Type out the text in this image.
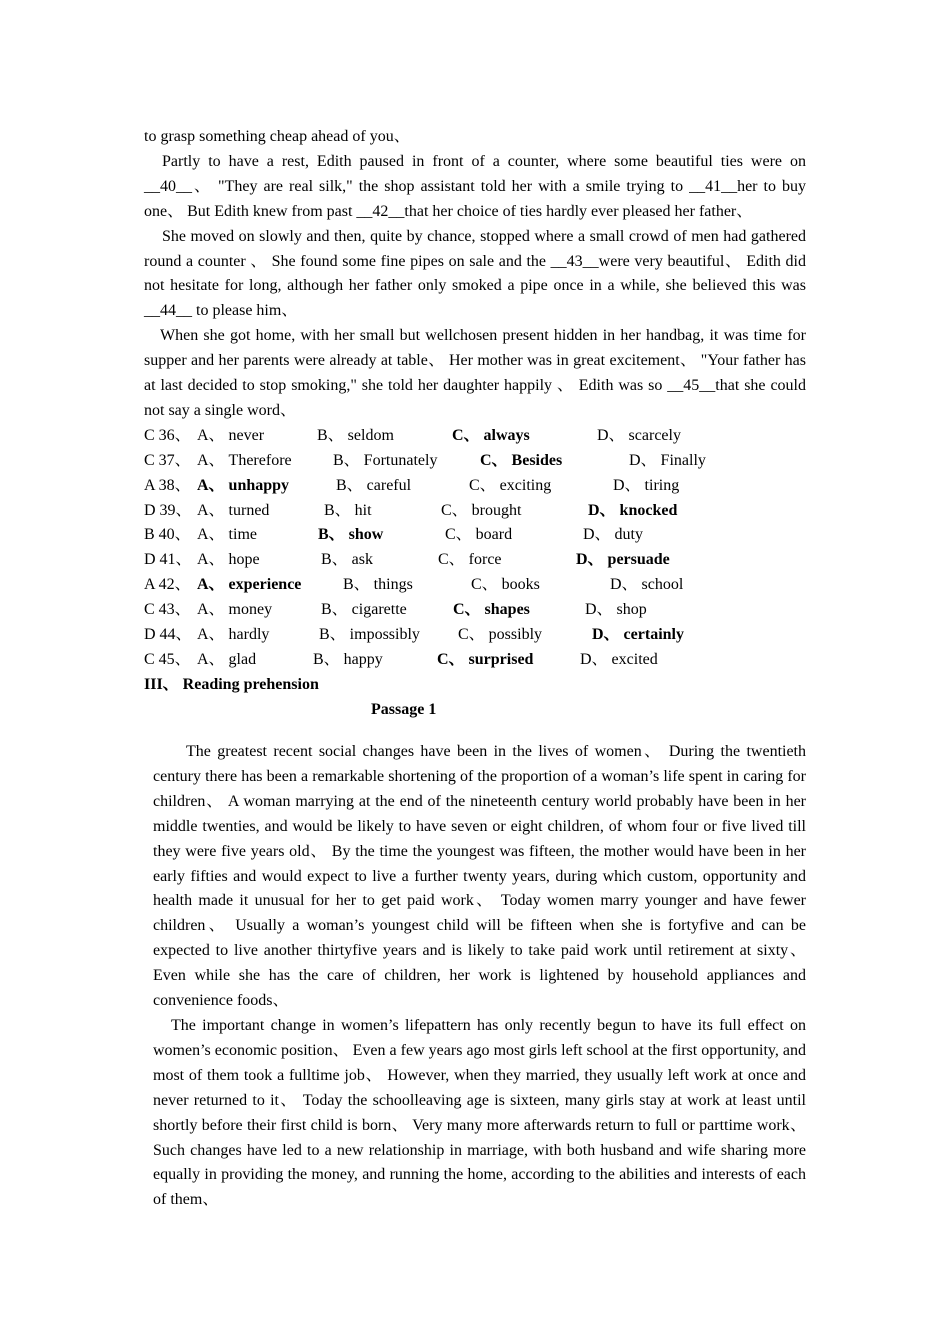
to grasp something cheap ahead of you、

Partly to have a rest, Edith paused in front of a counter, where some beautiful ties were on __40__、 "They are real silk," the shop assistant told her with a smile trying to __41__her to buy one、 But Edith knew from past __42__that her choice of ties hardly ever pleased her father、

She moved on slowly and then, quite by chance, stopped where a small crowd of men had gathered round a counter 、 She found some fine pipes on sale and the __43__were very beautiful、 Edith did not hesitate for long, although her father only smoked a pipe once in a while, she believed this was __44__ to please him、

When she got home, with her small but wellchosen present hidden in her handbag, it was time for supper and her parents were already at table、 Her mother was in great excitement、 "Your father has at last decided to stop smoking," she told her daughter happily 、 Edith was so __45__that she could not say a single word、

C 36、 A、 never	B、 seldom	C、 always	D、 scarcely
C 37、 A、 Therefore	B、 Fortunately	C、 Besides	D、 Finally
A 38、 A、 unhappy	B、 careful	C、 exciting	D、 tiring
D 39、 A、 turned	B、 hit	C、 brought	D、 knocked
B 40、 A、 time	B、 show	C、 board	D、 duty
D 41、 A、 hope	B、 ask	C、 force	D、 persuade
A 42、 A、 experience	B、 things	C、 books	D、 school
C 43、 A、 money	B、 cigarette	C、 shapes	D、 shop
D 44、 A、 hardly	B、 impossibly	C、 possibly	D、 certainly
C 45、 A、 glad	B、 happy	C、 surprised	D、 excited
III、 Reading prehension
Passage 1

The greatest recent social changes have been in the lives of women、 During the twentieth century there has been a remarkable shortening of the proportion of a woman’s life spent in caring for children、 A woman marrying at the end of the nineteenth century world probably have been in her middle twenties, and would be likely to have seven or eight children, of whom four or five lived till they were five years old、 By the time the youngest was fifteen, the mother would have been in her early fifties and would expect to live a further twenty years, during which custom, opportunity and health made it unusual for her to get paid work、 Today women marry younger and have fewer children、 Usually a woman’s youngest child will be fifteen when she is fortyfive and can be expected to live another thirtyfive years and is likely to take paid work until retirement at sixty、 Even while she has the care of children, her work is lightened by household appliances and convenience foods、

The important change in women’s lifepattern has only recently begun to have its full effect on women’s economic position、 Even a few years ago most girls left school at the first opportunity, and most of them took a fulltime job、 However, when they married, they usually left work at once and never returned to it、 Today the schoolleaving age is sixteen, many girls stay at work at least until shortly before their first child is born、 Very many more afterwards return to full or parttime work、 Such changes have led to a new relationship in marriage, with both husband and wife sharing more equally in providing the money, and running the home, according to the abilities and interests of each of them、
